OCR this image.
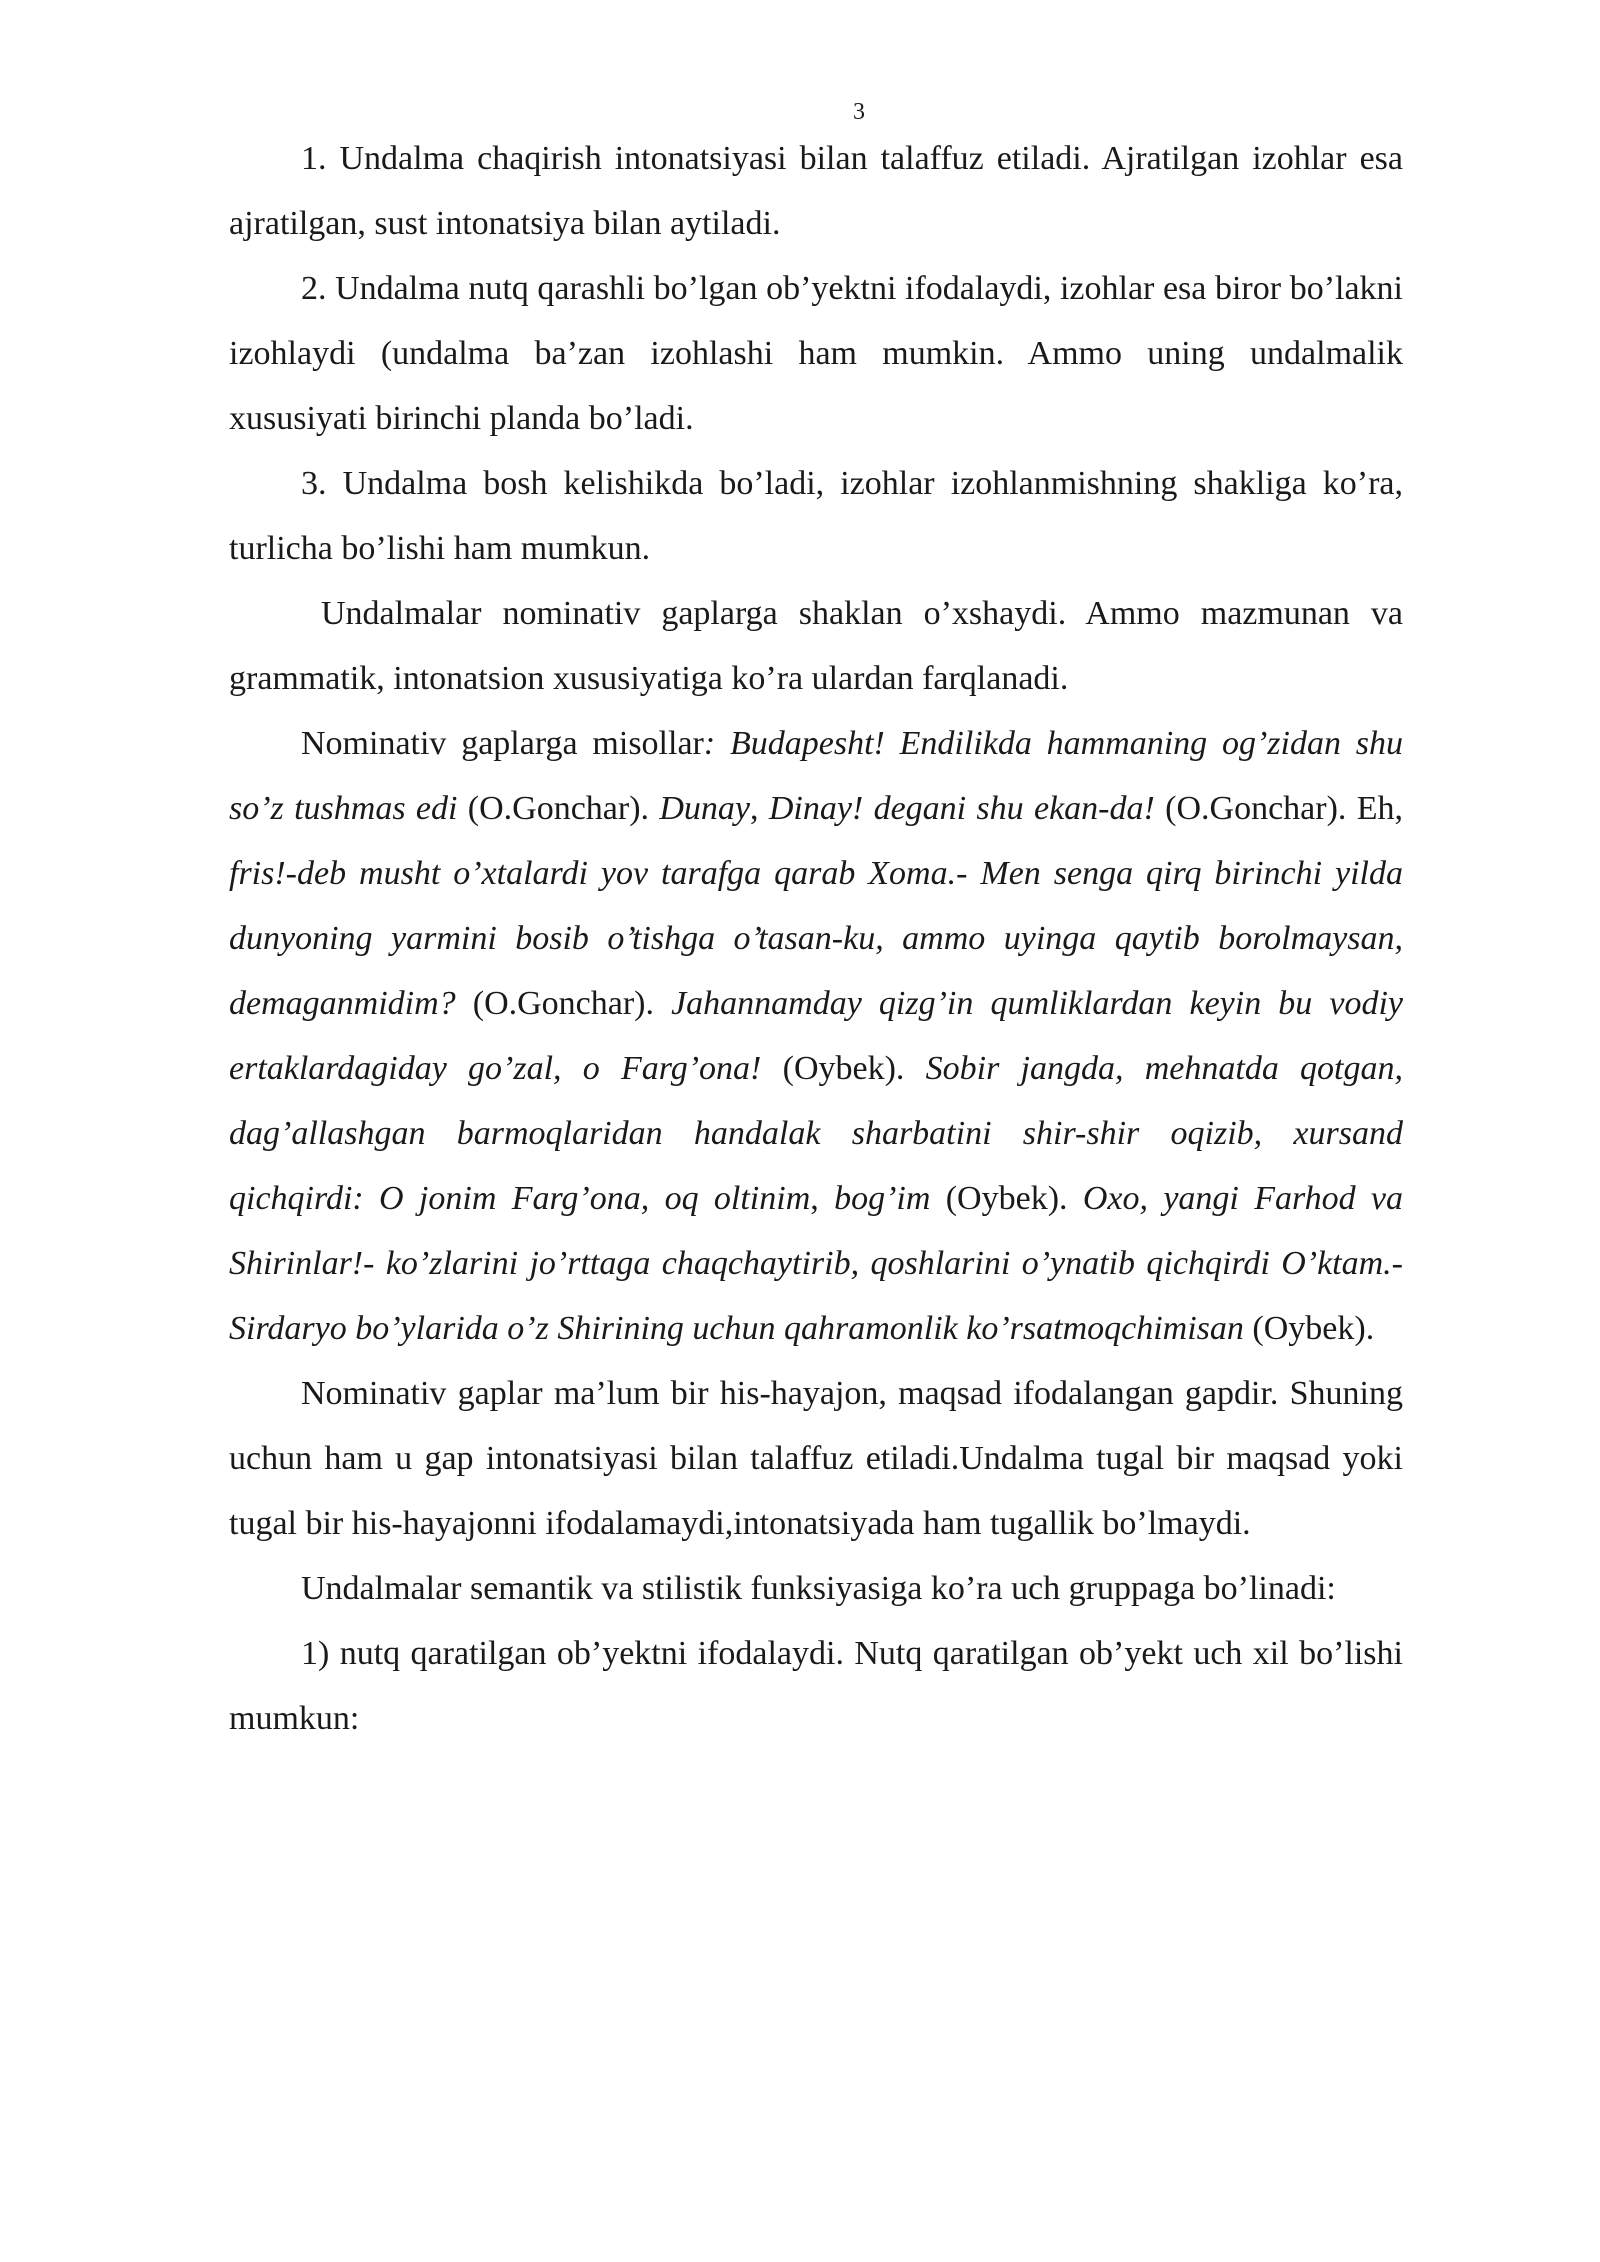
3

1. Undalma chaqirish intonatsiyasi bilan talaffuz etiladi. Ajratilgan izohlar esa ajratilgan, sust intonatsiya bilan aytiladi.

2. Undalma nutq qarashli bo’lgan ob’yektni ifodalaydi, izohlar esa biror bo’lakni izohlaydi (undalma ba’zan izohlashi ham mumkin. Ammo uning undalmalik xususiyati birinchi planda bo’ladi.

3. Undalma bosh kelishikda bo’ladi, izohlar izohlanmishning shakliga ko’ra, turlicha bo’lishi ham mumkun.

Undalmalar nominativ gaplarga shaklan o’xshaydi. Ammo mazmunan va grammatik, intonatsion xususiyatiga ko’ra ulardan farqlanadi.

Nominativ gaplarga misollar: Budapesht! Endilikda hammaning og’zidan shu so’z tushmas edi (O.Gonchar). Dunay, Dinay! degani shu ekan-da! (O.Gonchar). Eh, fris!-deb musht o’xtalardi yov tarafga qarab Xoma.- Men senga qirq birinchi yilda dunyoning yarmini bosib o’tishga o’tasan-ku, ammo uyinga qaytib borolmaysan, demaganmidim? (O.Gonchar). Jahannamday qizg’in qumliklardan keyin bu vodiy ertaklardagiday go’zal, o Farg’ona! (Oybek). Sobir jangda, mehnatda qotgan, dag’allashgan barmoqlaridan handalak sharbatini shir-shir oqizib, xursand qichqirdi: O jonim Farg’ona, oq oltinim, bog’im (Oybek). Oxo, yangi Farhod va Shirinlar!- ko’zlarini jo’rttaga chaqchaytirib, qoshlarini o’ynatib qichqirdi O’ktam.-Sirdaryo bo’ylarida o’z Shirining uchun qahramonlik ko’rsatmoqchimisan (Oybek).

Nominativ gaplar ma’lum bir his-hayajon, maqsad ifodalangan gapdir. Shuning uchun ham u gap intonatsiyasi bilan talaffuz etiladi.Undalma tugal bir maqsad yoki tugal bir his-hayajonni ifodalamaydi,intonatsiyada ham tugallik bo’lmaydi.

Undalmalar semantik va stilistik funksiyasiga ko’ra uch gruppaga bo’linadi:

1) nutq qaratilgan ob’yektni ifodalaydi. Nutq qaratilgan ob’yekt uch xil bo’lishi mumkun:
